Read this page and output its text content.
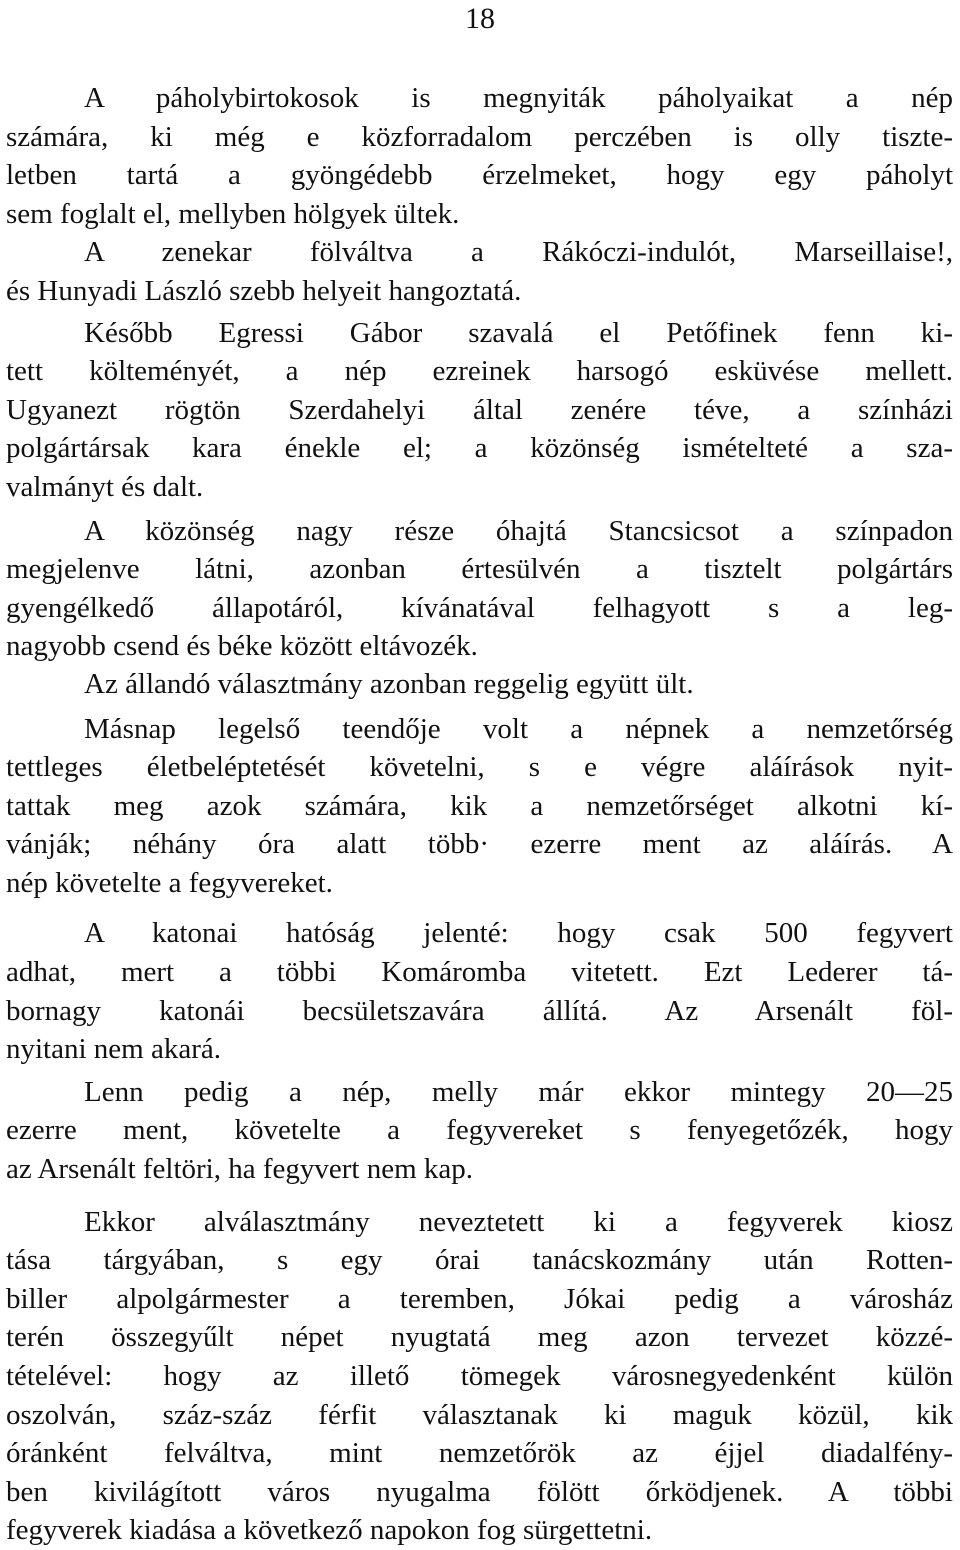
18
A páholybirtokosok is megnyiták páholyaikat a nép
számára, ki még e közforradalom perczében is olly tiszte-
letben tartá a gyöngédebb érzelmeket, hogy egy páholyt
sem foglalt el, mellyben hölgyek ültek.
A zenekar fölváltva a Rákóczi-indulót, Marseillaise!,
és Hunyadi László szebb helyeit hangoztatá.
Később Egressi Gábor szavalá el Petőfinek fenn ki-
tett költeményét, a nép ezreinek harsogó esküvése mellett.
Ugyanezt rögtön Szerdahelyi által zenére téve, a színházi
polgártársak kara énekle el; a közönség ismételteté a sza-
valmányt és dalt.
A közönség nagy része óhajtá Stancsicsot a színpadon
megjelenve látni, azonban értesülvén a tisztelt polgártárs
gyengélkedő állapotáról, kívánatával felhagyott s a leg-
nagyobb csend és béke között eltávozék.
Az állandó választmány azonban reggelig együtt ült.
Másnap legelső teendője volt a népnek a nemzetőrség
tettleges életbeléptetését követelni, s e végre aláírások nyit-
tattak meg azok számára, kik a nemzetőrséget alkotni kí-
vánják; néhány óra alatt több· ezerre ment az aláírás. A
nép követelte a fegyvereket.
A katonai hatóság jelenté: hogy csak 500 fegyvert
adhat, mert a többi Komáromba vitetett. Ezt Lederer tá-
bornagy katonái becsületszavára állítá. Az Arsenált föl-
nyitani nem akará.
Lenn pedig a nép, melly már ekkor mintegy 20—25
ezerre ment, követelte a fegyvereket s fenyegetőzék, hogy
az Arsenált feltöri, ha fegyvert nem kap.
Ekkor alválasztmány neveztetett ki a fegyverek kiosz
tása tárgyában, s egy órai tanácskozmány után Rotten-
biller alpolgármester a teremben, Jókai pedig a városház
terén összegyűlt népet nyugtatá meg azon tervezet közzé-
tételével: hogy az illető tömegek városnegyedenként külön
oszolván, száz-száz férfit választanak ki maguk közül, kik
óránként felváltva, mint nemzetőrök az éjjel diadalfény-
ben kivilágított város nyugalma fölött őrködjenek. A többi
fegyverek kiadása a következő napokon fog sürgettetni.
